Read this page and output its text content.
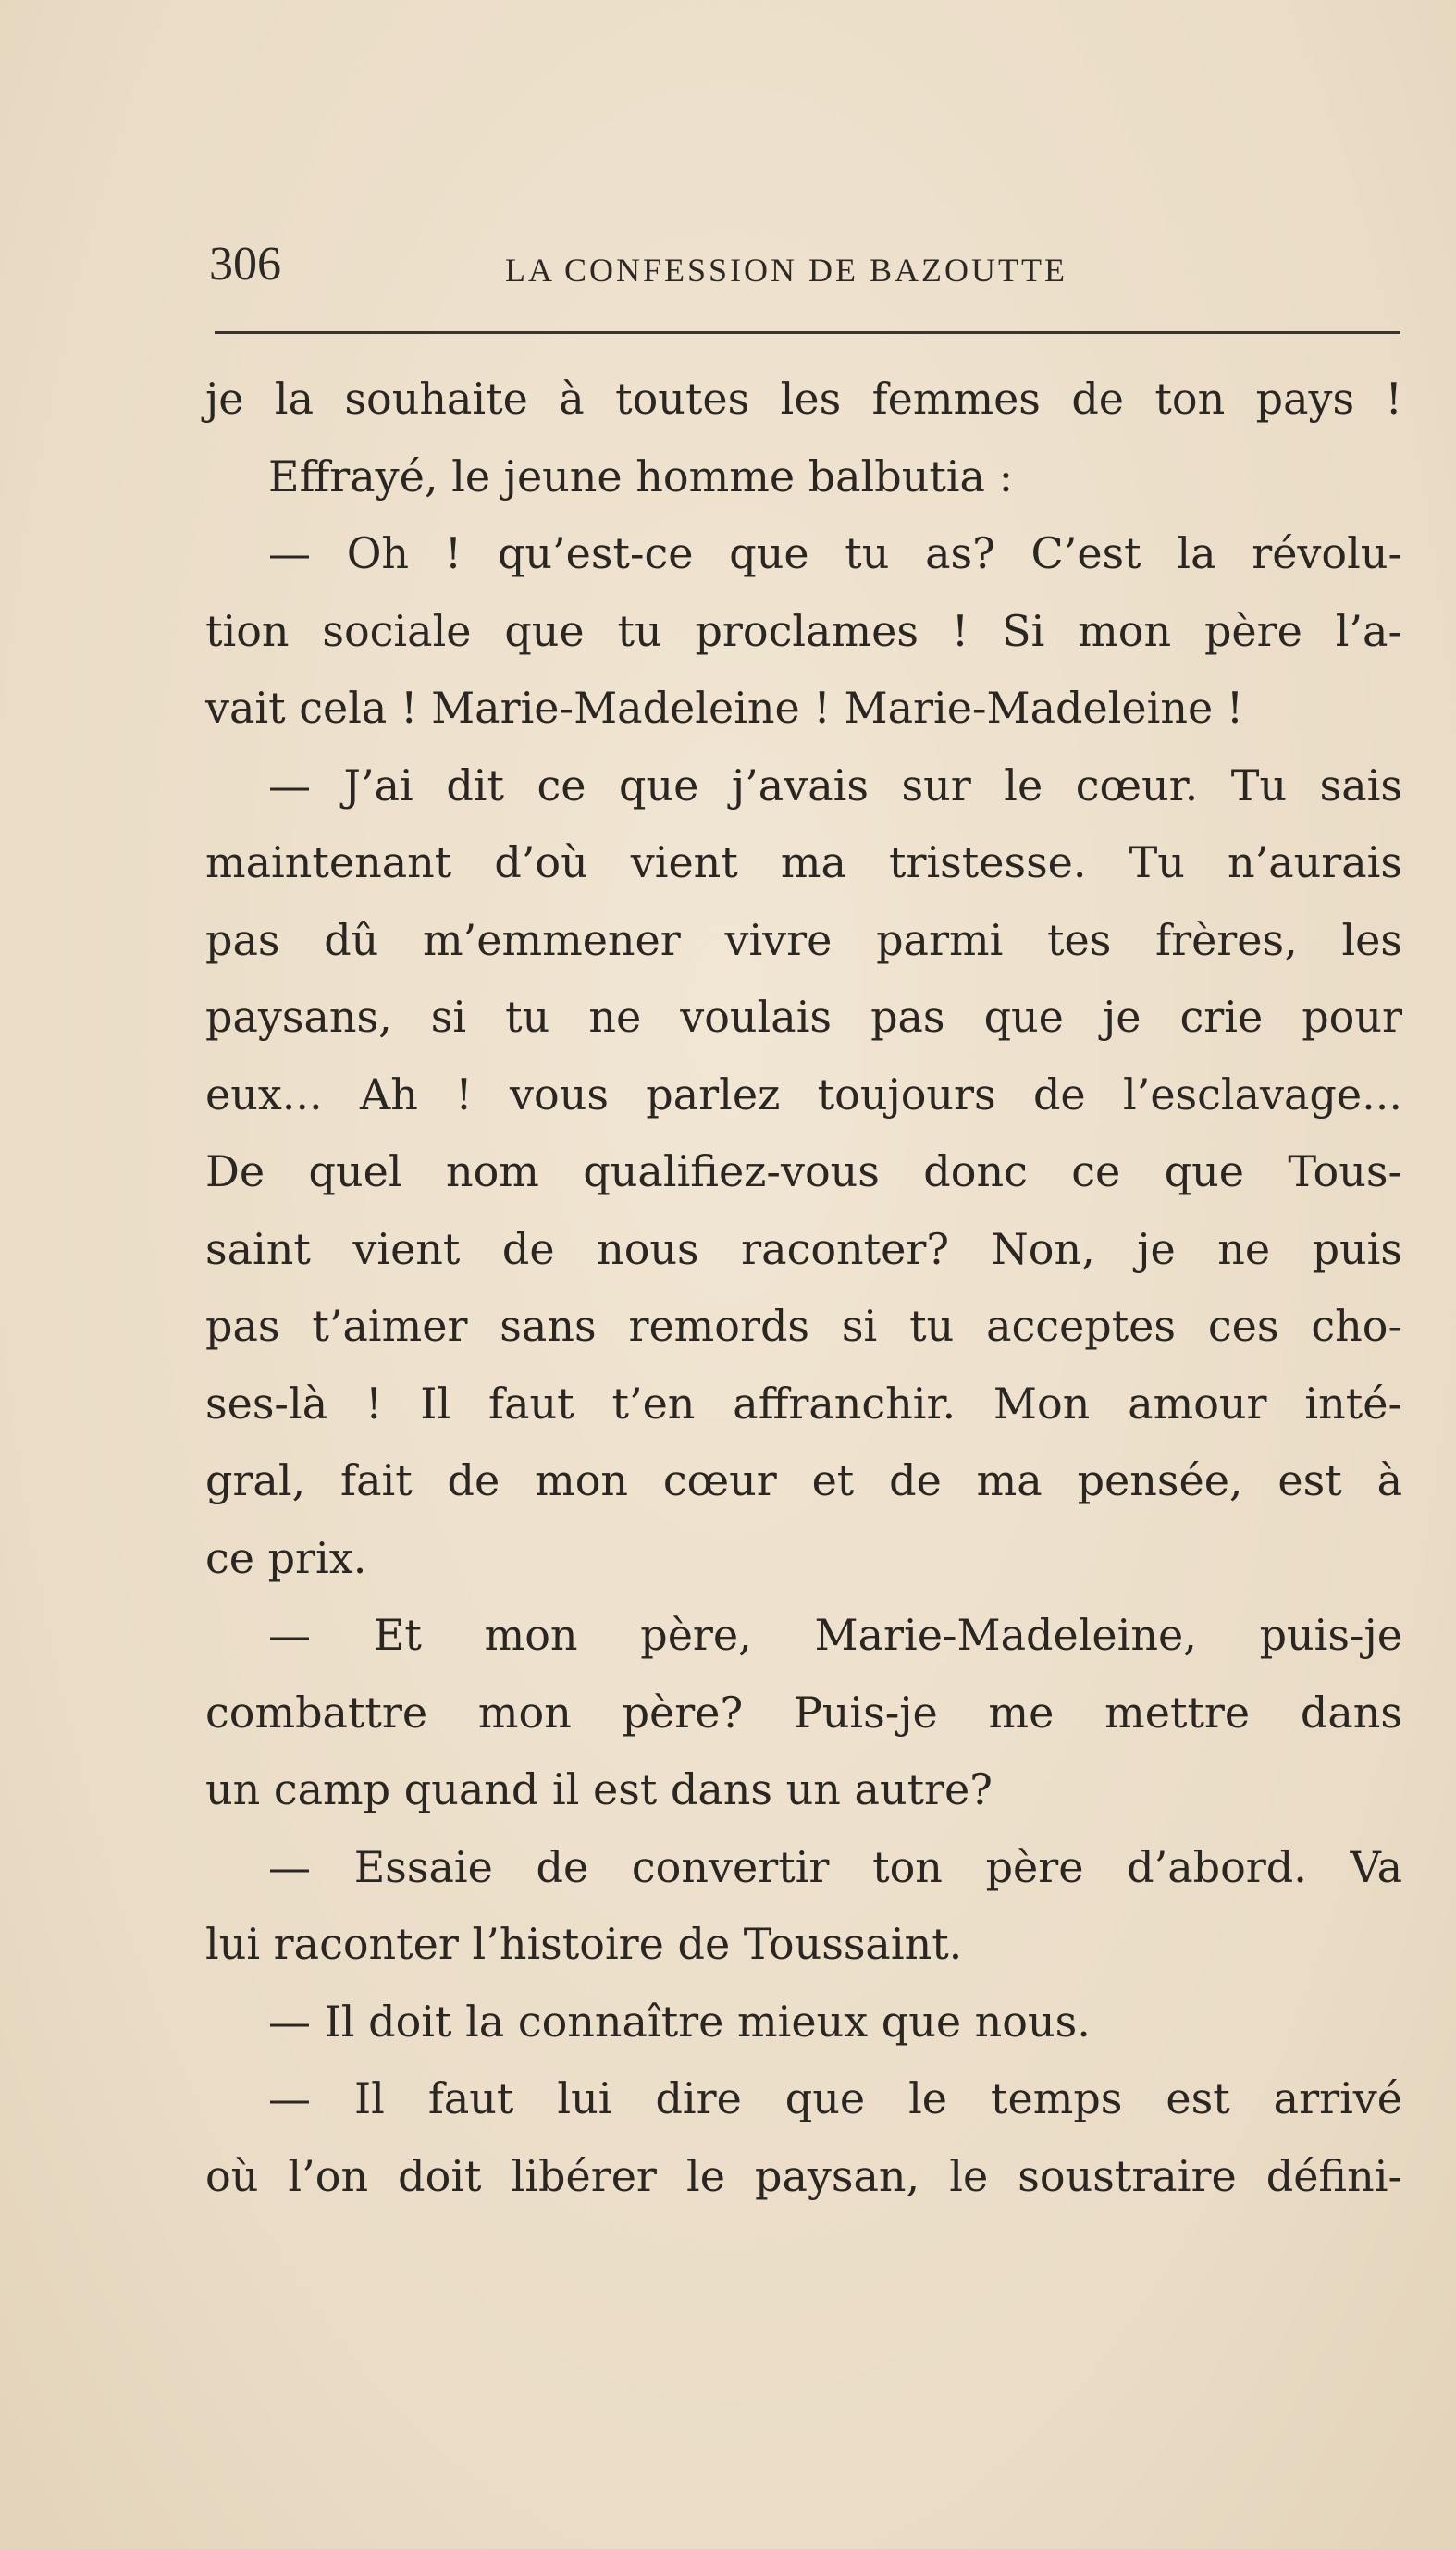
306	LA CONFESSION DE BAZOUTTE
je la souhaite à toutes les femmes de ton pays !
Effrayé, le jeune homme balbutia :
— Oh ! qu’est-ce que tu as? C’est la révolu-
tion sociale que tu proclames ! Si mon père l’a-
vait cela ! Marie-Madeleine ! Marie-Madeleine !
— J’ai dit ce que j’avais sur le cœur. Tu sais
maintenant d’où vient ma tristesse. Tu n’aurais
pas dû m’emmener vivre parmi tes frères, les
paysans, si tu ne voulais pas que je crie pour
eux... Ah ! vous parlez toujours de l’esclavage...
De quel nom qualifiez-vous donc ce que Tous-
saint vient de nous raconter? Non, je ne puis
pas t’aimer sans remords si tu acceptes ces cho-
ses-là ! Il faut t’en affranchir. Mon amour inté-
gral, fait de mon cœur et de ma pensée, est à
ce prix.
— Et mon père, Marie-Madeleine, puis-je
combattre mon père? Puis-je me mettre dans
un camp quand il est dans un autre?
— Essaie de convertir ton père d’abord. Va
lui raconter l’histoire de Toussaint.
— Il doit la connaître mieux que nous.
— Il faut lui dire que le temps est arrivé
où l’on doit libérer le paysan, le soustraire défini-
